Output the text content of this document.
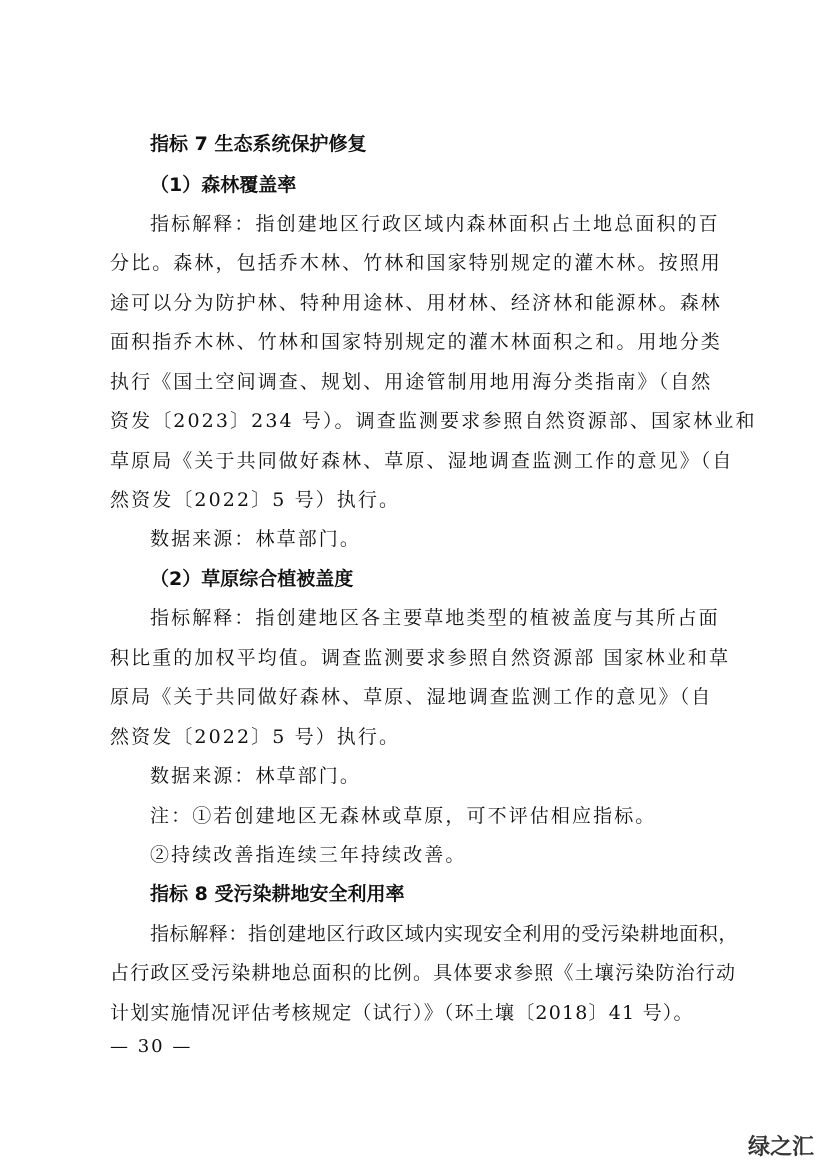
指标 7 生态系统保护修复
（1）森林覆盖率
指标解释：指创建地区行政区域内森林面积占土地总面积的百
分比。森林，包括乔木林、竹林和国家特别规定的灌木林。按照用
途可以分为防护林、特种用途林、用材林、经济林和能源林。森林
面积指乔木林、竹林和国家特别规定的灌木林面积之和。用地分类
执行《国土空间调查、规划、用途管制用地用海分类指南》（自然
资发〔2023〕234 号）。调查监测要求参照自然资源部、国家林业和
草原局《关于共同做好森林、草原、湿地调查监测工作的意见》（自
然资发〔2022〕5 号）执行。
数据来源：林草部门。
（2）草原综合植被盖度
指标解释：指创建地区各主要草地类型的植被盖度与其所占面
积比重的加权平均值。调查监测要求参照自然资源部 国家林业和草
原局《关于共同做好森林、草原、湿地调查监测工作的意见》（自
然资发〔2022〕5 号）执行。
数据来源：林草部门。
注：①若创建地区无森林或草原，可不评估相应指标。
②持续改善指连续三年持续改善。
指标 8 受污染耕地安全利用率
指标解释：指创建地区行政区域内实现安全利用的受污染耕地面积，
占行政区受污染耕地总面积的比例。具体要求参照《土壤污染防治行动
计划实施情况评估考核规定（试行）》（环土壤〔2018〕41 号）。
— 30 —
绿之汇
